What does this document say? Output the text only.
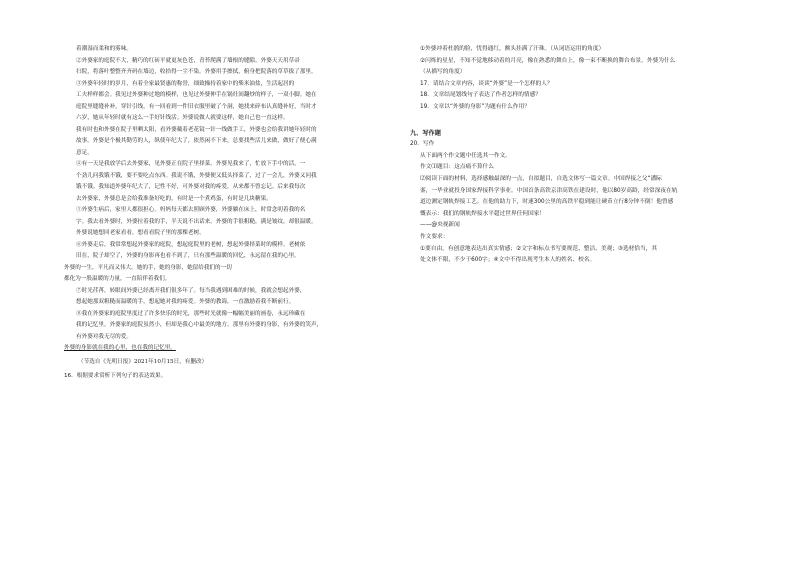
着潮湿而柔和的雾味。

②外婆家的庭院不大，精巧的红砖平就更灰色苍，青苔爬满了墙根的缝隙。外婆天天用草帚

扫院，将落叶整整齐齐码在墙边，收拾得一尘不染。外婆用手擦拭，俯身把院落的草草拔了那里。

③外婆年轻时的岁月，有着全家最贤惠的称誉，细致操持着家中的柴米油盐，生活起居的

工夫样样都会。我见过外婆种过地的模样，也见过外婆伸手在锅灶间翻炒的样子，一双小脚。她在

庭院里缝缝补补，穿针引线，有一回看到一件旧衣服里破了个洞，她找来碎布认真缝补好，当时才

六岁，她从年轻时就有这么一手好针线活。外婆说做人就要这样，她自己也一直这样。

我有时也和外婆在院子里晒太阳，看外婆戴着老花镜一针一线做手工，外婆也会给我讲她年轻时的

故事。外婆是个极其勤劳的人，纵使年纪大了，依然闲不下来，总要找些活儿来做，做好了便心满

意足。

④有一天是我放学后去外婆家，见外婆正在院子里择菜。外婆见我来了，忙放下手中的活，一

个劲儿问我饿不饿，要不要吃点东西。我说不饿，外婆便又低头择菜了，过了一会儿，外婆又问我

饿不饿。我知道外婆年纪大了，记性不好，可外婆对我的疼爱，从来都不曾忘记。后来我每次

去外婆家，外婆总是会给我准备好吃的，有时是一个煮鸡蛋，有时是几块糖果。

⑤外婆生病后，家里人都很担心。妈妈每天都去照顾外婆，外婆躺在床上，时常念叨着我的名

字。我去看外婆时，外婆拉着我的手，半天说不出话来。外婆的手很粗糙，满是皱纹，却很温暖。

外婆说她想回老家看看，想看看院子里的那棵老树。

⑥外婆走后，我常常想起外婆家的庭院，想起庭院里的老树，想起外婆择菜时的模样。老树依

旧在，院子却空了，外婆的身影再也看不到了，只有那些温暖的回忆，永远留在我的心里。

外婆的一生，平凡而又伟大。她的手，她的身影，她留给我们的一切

都化为一股温暖的力量，一直陪伴着我们。

⑦时光荏苒，转眼间外婆已经离开我们很多年了。每当我遇到困难的时候，我就会想起外婆，

想起她那双粗糙而温暖的手，想起她对我的疼爱。外婆的教诲，一直激励着我不断前行。

⑧我在外婆家的庭院里度过了许多快乐的时光，那些时光就像一幅幅美丽的画卷，永远珍藏在

我的记忆里。外婆家的庭院虽然小，但却是我心中最美的地方。那里有外婆的身影，有外婆的笑声，

有外婆对我无尽的爱。

外婆的身影就在我的心里，也在我的记忆里。

（节选自《光明日报》2021年10月15日，有删改）

16．根据要求赏析下列句子的表达效果。

①外婆冲着杜鹃的脸，忧得通红，额头挂满了汗珠。（从词语运用的角度）

②闪烁的星星，不知不觉地移动着的月亮，像在熟悉的舞台上，像一束不断换的舞台布景。外婆为什么

（从描写的角度）

17．请结合文章内容，谈谈“外婆”是一个怎样的人？

18．文章结尾划线句子表达了作者怎样的情感？

19．文章以“外婆的身影”为题有什么作用？

九、写作题

20．写作

从下面两个作文题中任选其一作文。

作文⑴题目：这点痛不算什么

⑵阅读下面的材料，选择感触最深的一点，自拟题目，自选文体写一篇文章。中国焊接之父“潘际

銮，一毕业就投身国家焊接科学事业。中国首条高铁京津高铁在建设时，他以80岁高龄，经常深夜在轨

道边测定钢轨焊接工艺。在他的助力下，时速300公里的高铁平稳到能让硬币立行8分钟不倒！他曾感

慨表示：我们的钢轨焊接水平超过世界任何国家！

——@央视新闻

作文要求：

①要自由，有创意地表达出真实情感；②文字和标点书写要规范、整洁、美观；③选材恰当，其

处文体不限，不少于600字；④文中不得出现考生本人的姓名、校名。
